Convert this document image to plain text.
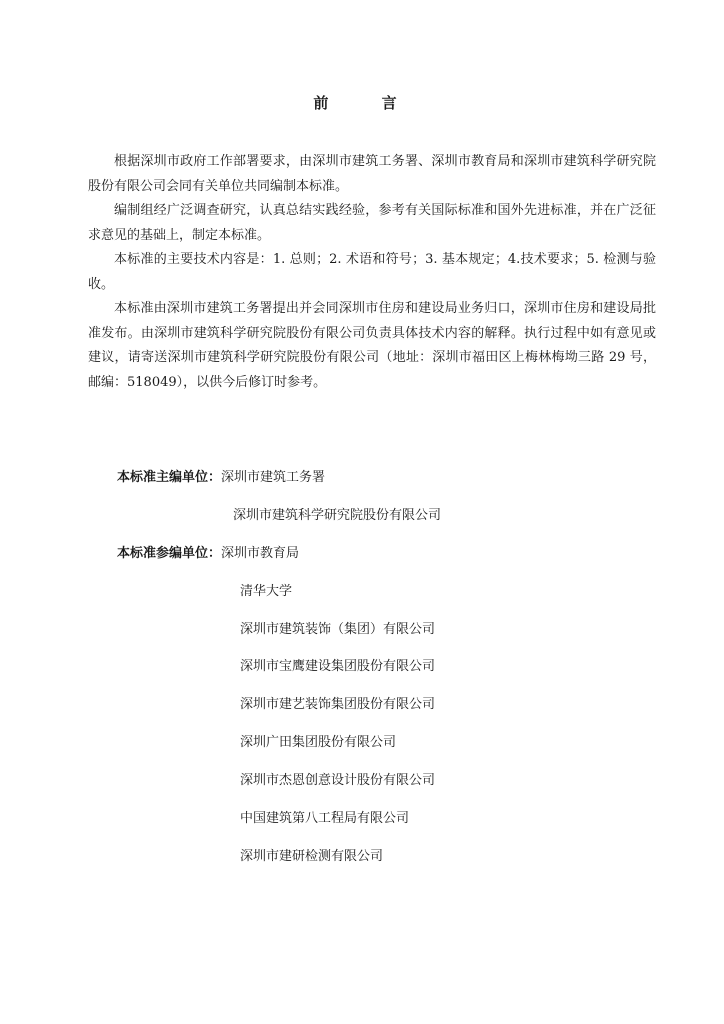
前 言

根据深圳市政府工作部署要求，由深圳市建筑工务署、深圳市教育局和深圳市建筑科学研究院股份有限公司会同有关单位共同编制本标准。

编制组经广泛调查研究，认真总结实践经验，参考有关国际标准和国外先进标准，并在广泛征求意见的基础上，制定本标准。

本标准的主要技术内容是：1. 总则；2. 术语和符号；3. 基本规定；4.技术要求；5. 检测与验收。

本标准由深圳市建筑工务署提出并会同深圳市住房和建设局业务归口，深圳市住房和建设局批准发布。由深圳市建筑科学研究院股份有限公司负责具体技术内容的解释。执行过程中如有意见或建议，请寄送深圳市建筑科学研究院股份有限公司（地址：深圳市福田区上梅林梅坳三路 29 号，邮编：518049），以供今后修订时参考。

本标准主编单位：深圳市建筑工务署
深圳市建筑科学研究院股份有限公司
本标准参编单位：深圳市教育局
清华大学
深圳市建筑装饰（集团）有限公司
深圳市宝鹰建设集团股份有限公司
深圳市建艺装饰集团股份有限公司
深圳广田集团股份有限公司
深圳市杰恩创意设计股份有限公司
中国建筑第八工程局有限公司
深圳市建研检测有限公司
